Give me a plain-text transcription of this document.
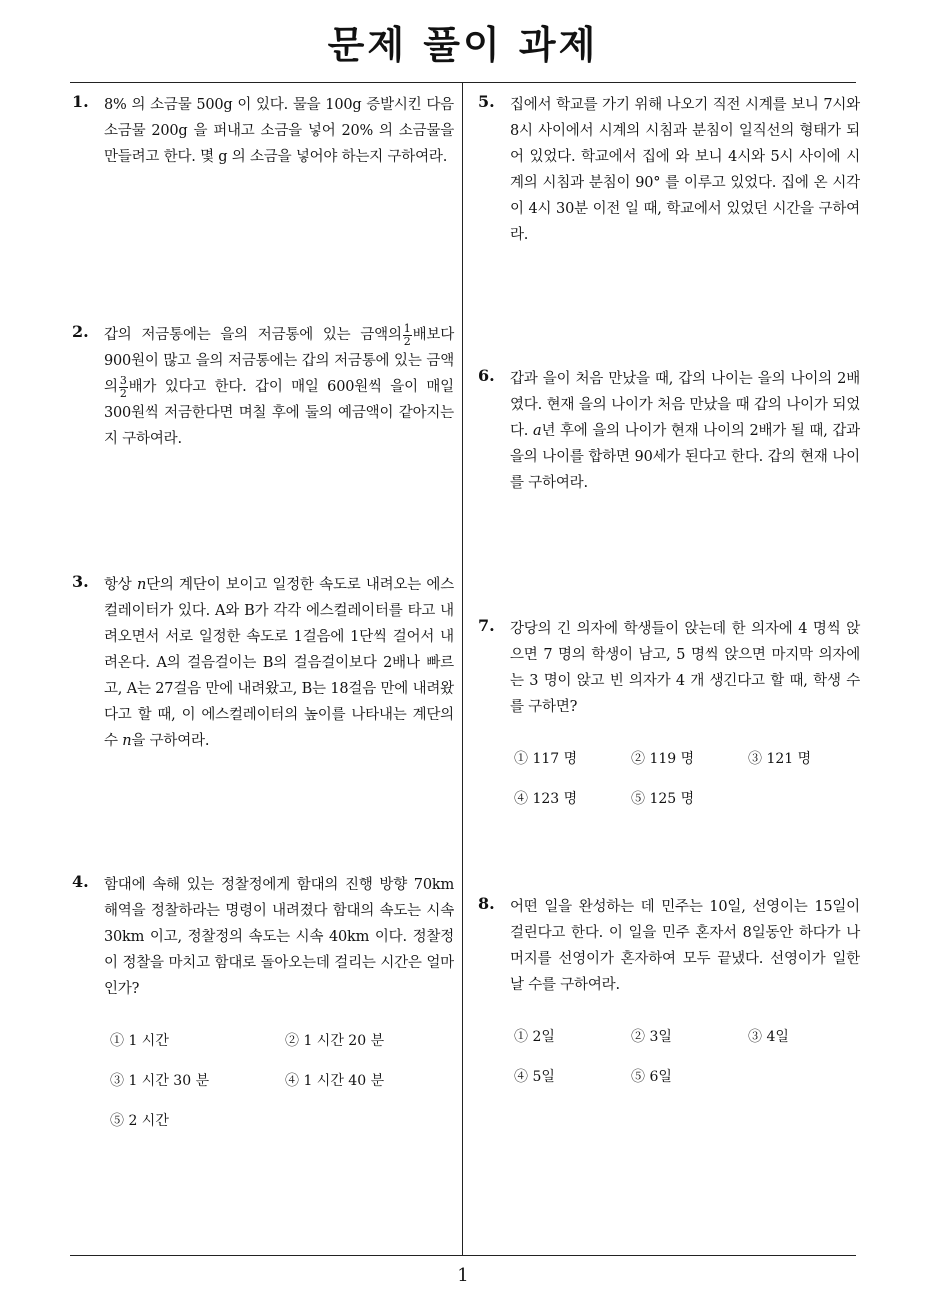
문제 풀이 과제
1. 8% 의 소금물 500g 이 있다. 물을 100g 증발시킨 다음 소금물 200g 을 퍼내고 소금을 넣어 20% 의 소금물을 만들려고 한다. 몇 g 의 소금을 넣어야 하는지 구하여라.
2. 갑의 저금통에는 을의 저금통에 있는 금액의 $\frac{1}{2}$ 배보다 900원이 많고 을의 저금통에는 갑의 저금통에 있는 금액의 $\frac{3}{2}$ 배가 있다고 한다. 갑이 매일 600원씩 을이 매일 300원씩 저금한다면 며칠 후에 둘의 예금액이 같아지는지 구하여라.
3. 항상 n단의 계단이 보이고 일정한 속도로 내려오는 에스컬레이터가 있다. A와 B가 각각 에스컬레이터를 타고 내려오면서 서로 일정한 속도로 1걸음에 1단씩 걸어서 내려온다. A의 걸음걸이는 B의 걸음걸이보다 2배나 빠르고, A는 27걸음 만에 내려왔고, B는 18걸음 만에 내려왔다고 할 때, 이 에스컬레이터의 높이를 나타내는 계단의 수 n을 구하여라.
4. 함대에 속해 있는 정찰정에게 함대의 진행 방향 70km 해역을 정찰하라는 명령이 내려졌다 함대의 속도는 시속 30km 이고, 정찰정의 속도는 시속 40km 이다. 정찰정이 정찰을 마치고 함대로 돌아오는데 걸리는 시간은 얼마인가?
① 1 시간	② 1 시간 20 분
③ 1 시간 30 분	④ 1 시간 40 분
⑤ 2 시간
5. 집에서 학교를 가기 위해 나오기 직전 시계를 보니 7시와 8시 사이에서 시계의 시침과 분침이 일직선의 형태가 되어 있었다. 학교에서 집에 와 보니 4시와 5시 사이에 시계의 시침과 분침이 90° 를 이루고 있었다. 집에 온 시각이 4시 30분 이전 일 때, 학교에서 있었던 시간을 구하여라.
6. 갑과 을이 처음 만났을 때, 갑의 나이는 을의 나이의 2배였다. 현재 을의 나이가 처음 만났을 때 갑의 나이가 되었다. a년 후에 을의 나이가 현재 나이의 2배가 될 때, 갑과 을의 나이를 합하면 90세가 된다고 한다. 갑의 현재 나이를 구하여라.
7. 강당의 긴 의자에 학생들이 앉는데 한 의자에 4 명씩 앉으면 7 명의 학생이 남고, 5 명씩 앉으면 마지막 의자에는 3 명이 앉고 빈 의자가 4 개 생긴다고 할 때, 학생 수를 구하면?
① 117 명	② 119 명	③ 121 명
④ 123 명	⑤ 125 명
8. 어떤 일을 완성하는 데 민주는 10일, 선영이는 15일이 걸린다고 한다. 이 일을 민주 혼자서 8일동안 하다가 나머지를 선영이가 혼자하여 모두 끝냈다. 선영이가 일한 날 수를 구하여라.
① 2일	② 3일	③ 4일
④ 5일	⑤ 6일
1
